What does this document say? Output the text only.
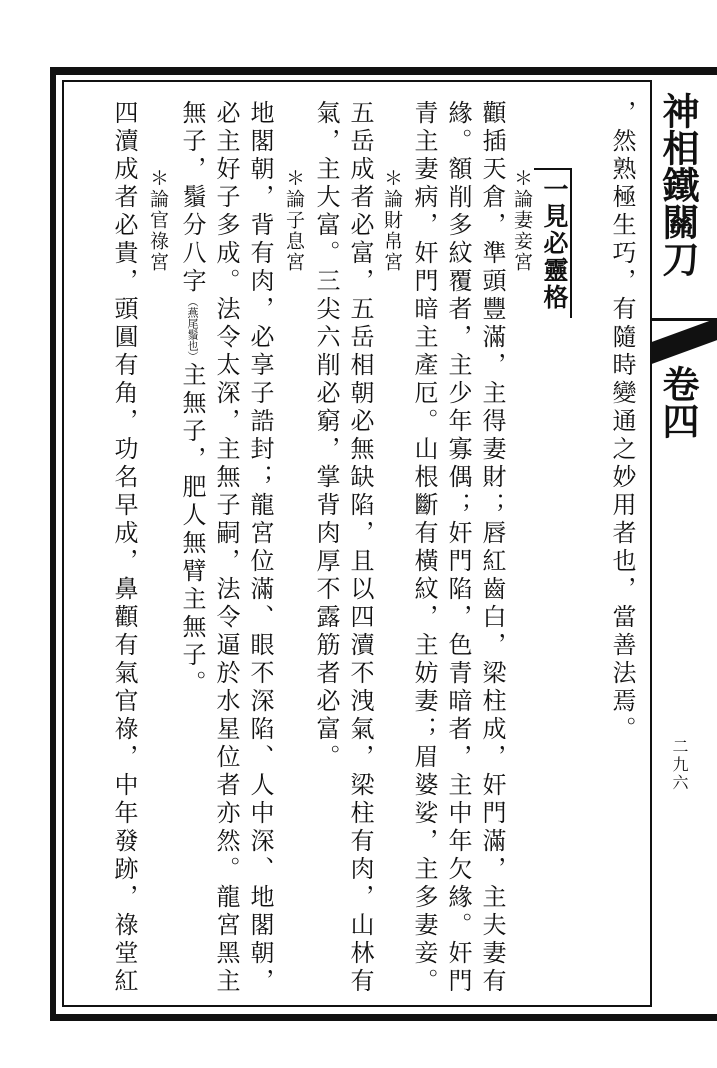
神相鐵關刀
卷四
二九六
一見必靈格 ，然熟極生巧，有隨時變通之妙用者也，當善法焉。
＊論妻妾宮
顴插天倉，準頭豐滿，主得妻財；唇紅齒白，梁柱成，奸門滿，主夫妻有
緣。額削多紋覆者，主少年寡偶；奸門陷，色青暗者，主中年欠緣。奸門
青主妻病，奸門暗主產厄。山根斷有橫紋，主妨妻；眉婆娑，主多妻妾。
＊論財帛宮
五岳成者必富，五岳相朝必無缺陷，且以四瀆不洩氣，梁柱有肉，山林有
氣，主大富。三尖六削必窮，掌背肉厚不露筋者必富。
＊論子息宮
地閣朝，背有肉，必享子誥封；龍宮位滿、眼不深陷、人中深、地閣朝，
必主好子多成。法令太深，主無子嗣，法令逼於水星位者亦然。龍宮黑主
無子，鬚分八字（燕尾鬚也）主無子，肥人無臂主無子。
＊論官祿宮
四瀆成者必貴，頭圓有角，功名早成，鼻顴有氣官祿，中年發跡，祿堂紅
